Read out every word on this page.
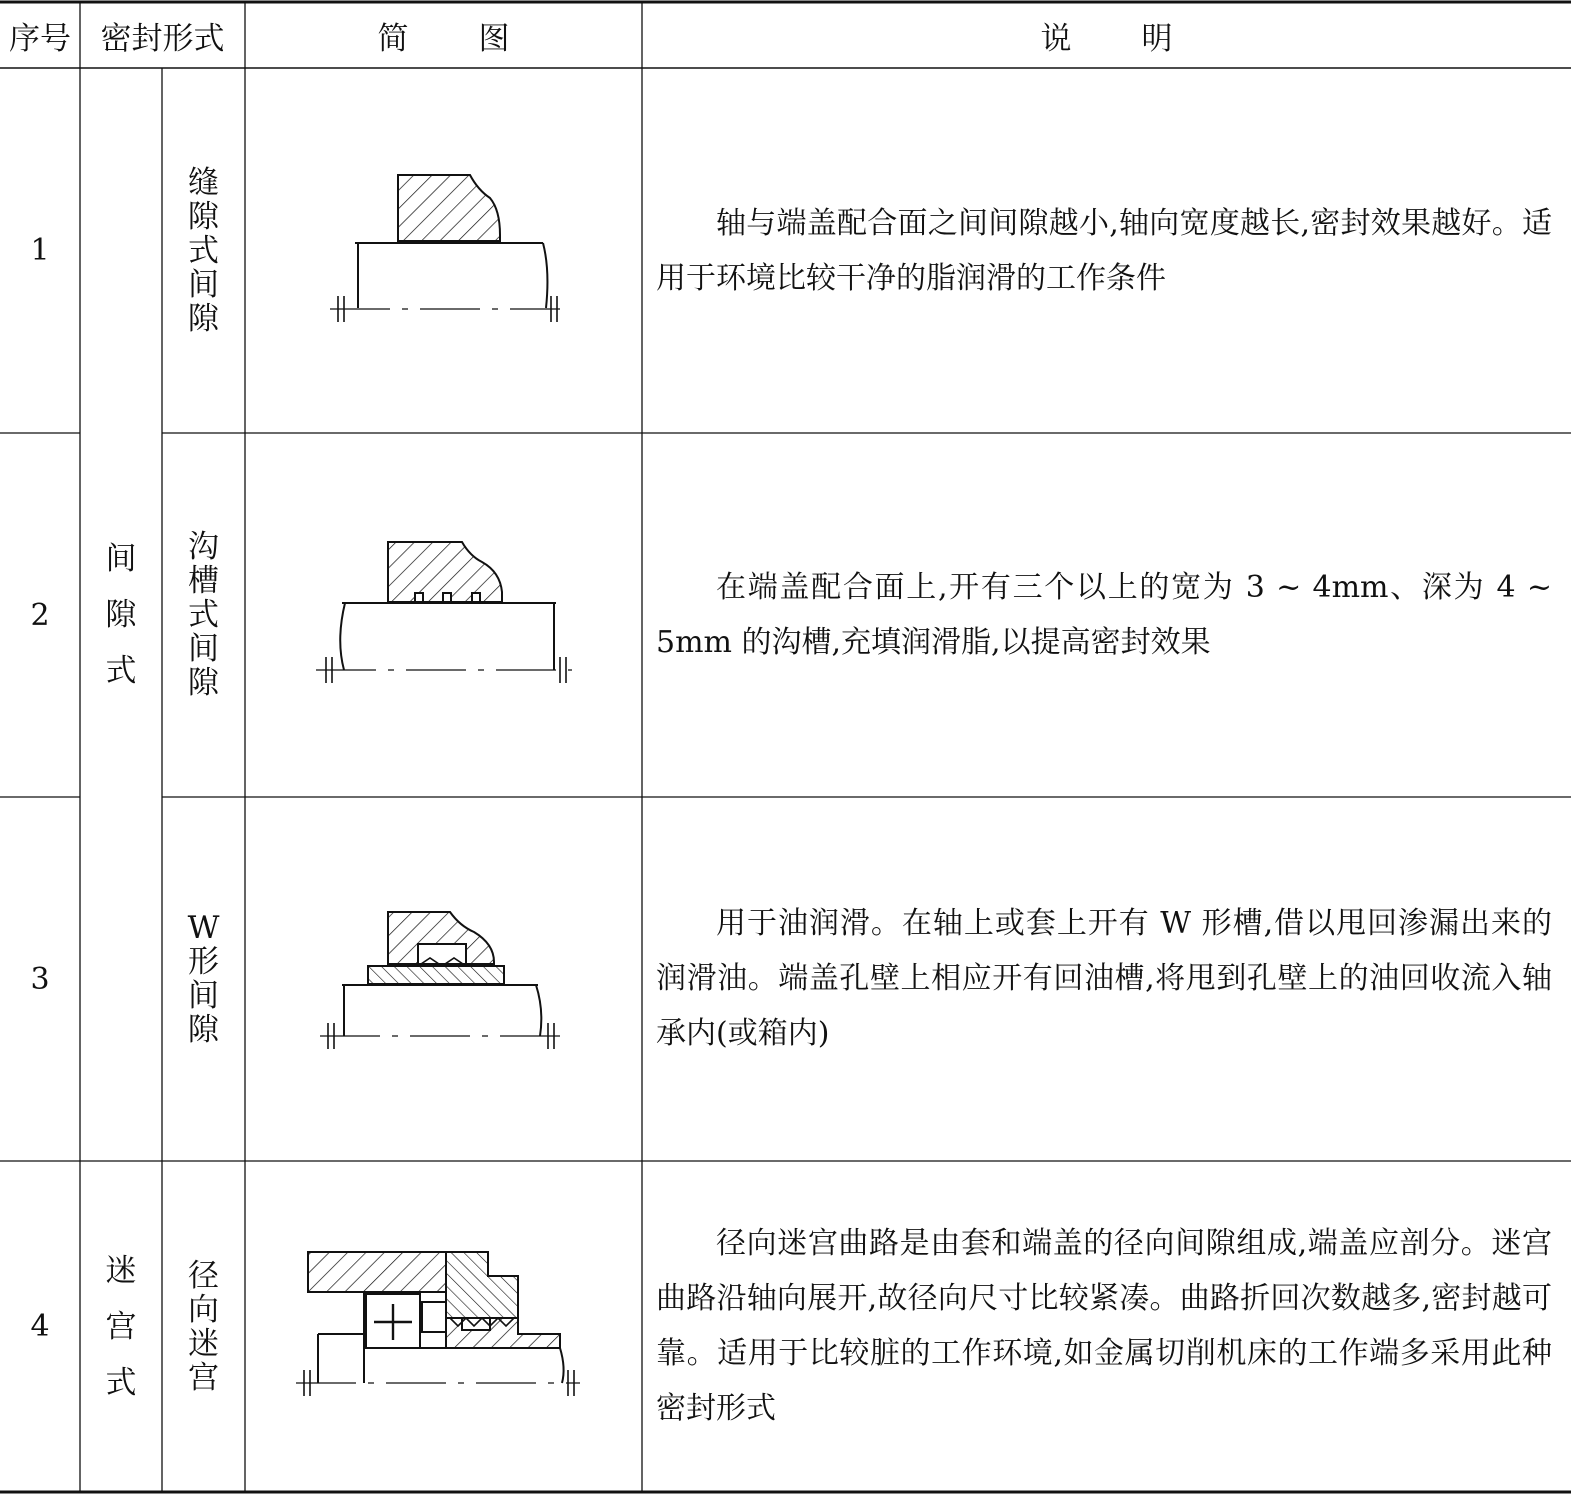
序号 密封形式	简图	说明
间隙式
迷宫式
1
缝隙式间隙
轴与端盖配合面之间间隙越小,轴向宽度越长,密封效果越好。适用于环境比较干净的脂润滑的工作条件
2
沟槽式间隙
在端盖配合面上,开有三个以上的宽为 3 ~ 4mm、深为 4 ~ 5mm 的沟槽,充填润滑脂,以提高密封效果
3
W形间隙
用于油润滑。在轴上或套上开有 W 形槽,借以甩回渗漏出来的润滑油。端盖孔壁上相应开有回油槽,将甩到孔壁上的油回收流入轴承内(或箱内)
4
径向迷宫
径向迷宫曲路是由套和端盖的径向间隙组成,端盖应剖分。迷宫曲路沿轴向展开,故径向尺寸比较紧凑。曲路折回次数越多,密封越可靠。适用于比较脏的工作环境,如金属切削机床的工作端多采用此种密封形式
